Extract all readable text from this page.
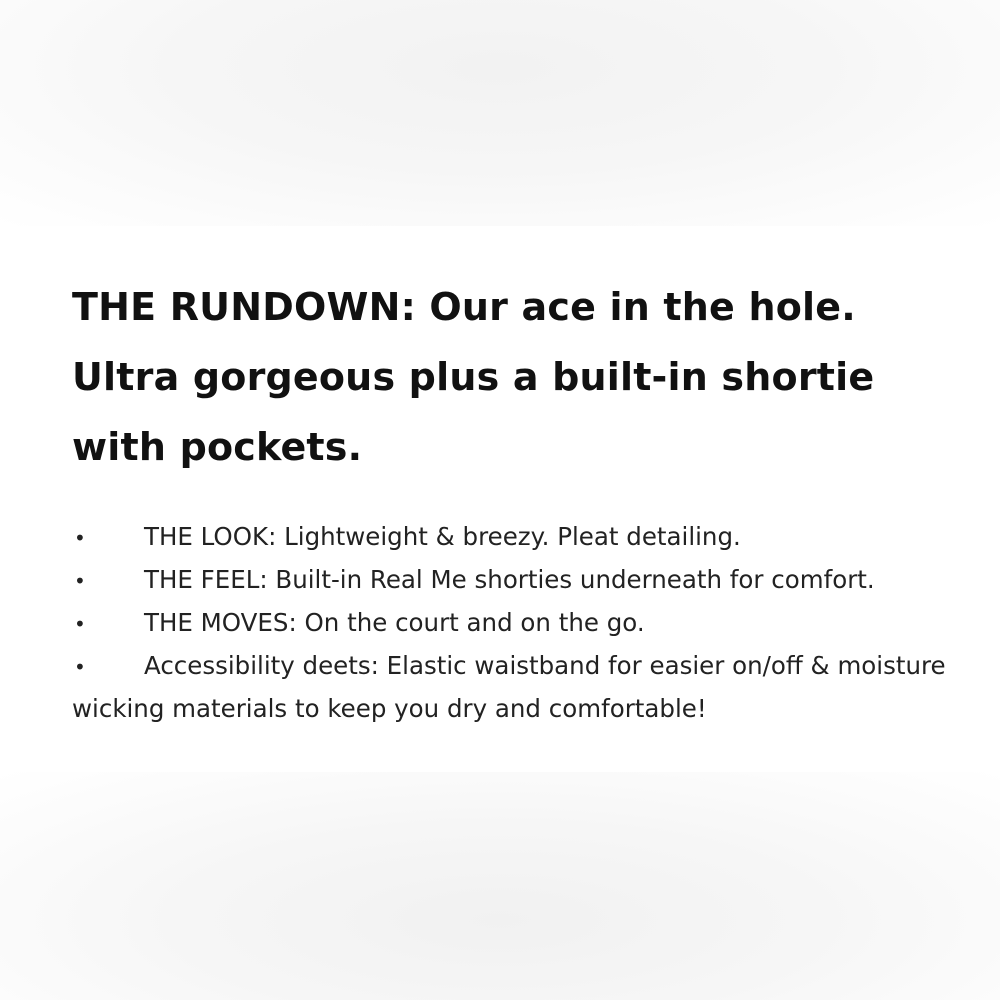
THE RUNDOWN: Our ace in the hole. Ultra gorgeous plus a built-in shortie with pockets.
• THE LOOK: Lightweight & breezy. Pleat detailing.
• THE FEEL: Built-in Real Me shorties underneath for comfort.
• THE MOVES: On the court and on the go.
• Accessibility deets: Elastic waistband for easier on/off & moisture wicking materials to keep you dry and comfortable!
